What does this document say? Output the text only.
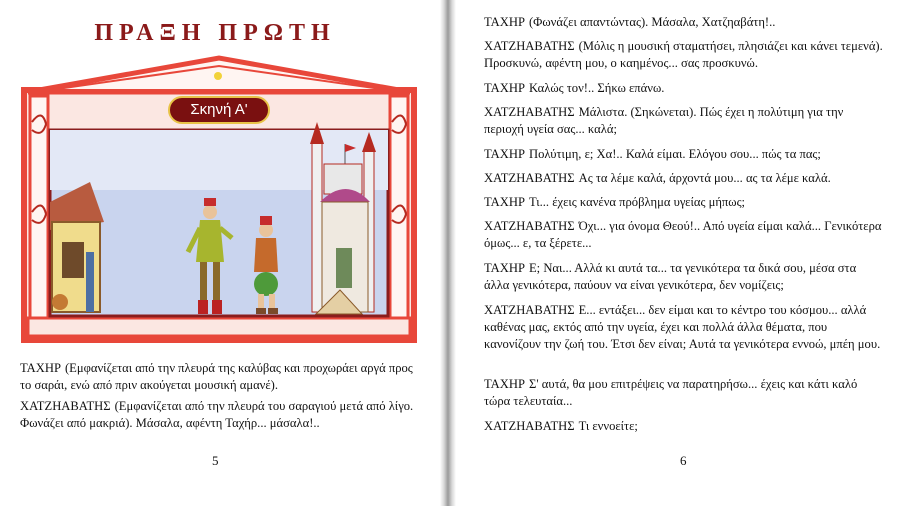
ΠΡΑΞΗ ΠΡΩΤΗ
Σκηνή Α'

ΤΑΧΗΡ (Εμφανίζεται από την πλευρά της καλύβας και προχωράει αργά προς το σαράι, ενώ από πριν ακούγεται μουσική αμανέ).

ΧΑΤΖΗΑΒΑΤΗΣ (Εμφανίζεται από την πλευρά του σαραγιού μετά από λίγο. Φωνάζει από μακριά). Μάσαλα, αφέντη Ταχήρ... μάσαλα!..

5

ΤΑΧΗΡ (Φωνάζει απαντώντας). Μάσαλα, Χατζηαβάτη!..

ΧΑΤΖΗΑΒΑΤΗΣ (Μόλις η μουσική σταματήσει, πλησιάζει και κάνει τεμενά). Προσκυνώ, αφέντη μου, ο καημένος... σας προσκυνώ.

ΤΑΧΗΡ Καλώς τον!.. Σήκω επάνω.

ΧΑΤΖΗΑΒΑΤΗΣ Μάλιστα. (Σηκώνεται). Πώς έχει η πολύτιμη για την περιοχή υγεία σας... καλά;

ΤΑΧΗΡ Πολύτιμη, ε; Χα!.. Καλά είμαι. Ελόγου σου... πώς τα πας;

ΧΑΤΖΗΑΒΑΤΗΣ Ας τα λέμε καλά, άρχοντά μου... ας τα λέμε καλά.

ΤΑΧΗΡ Τι... έχεις κανένα πρόβλημα υγείας μήπως;

ΧΑΤΖΗΑΒΑΤΗΣ Όχι... για όνομα Θεού!.. Από υγεία είμαι καλά... Γενικότερα όμως... ε, τα ξέρετε...

ΤΑΧΗΡ Ε; Ναι... Αλλά κι αυτά τα... τα γενικότερα τα δικά σου, μέσα στα άλλα γενικότερα, παύουν να είναι γενικότερα, δεν νομίζεις;

ΧΑΤΖΗΑΒΑΤΗΣ Ε... εντάξει... δεν είμαι και το κέντρο του κόσμου... αλλά καθένας μας, εκτός από την υγεία, έχει και πολλά άλλα θέματα, που κανονίζουν την ζωή του. Έτσι δεν είναι; Αυτά τα γενικότερα εννοώ, μπέη μου.

ΤΑΧΗΡ Σ' αυτά, θα μου επιτρέψεις να παρατηρήσω... έχεις και κάτι καλό τώρα τελευταία...

ΧΑΤΖΗΑΒΑΤΗΣ Τι εννοείτε;

6
